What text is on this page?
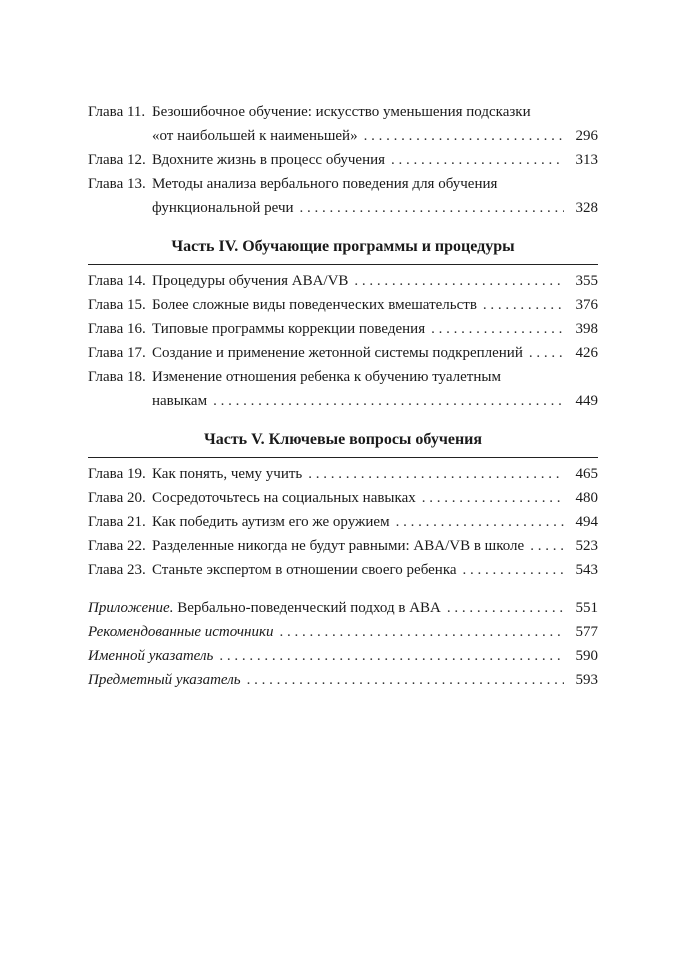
Глава 11. Безошибочное обучение: искусство уменьшения подсказки
«от наибольшей к наименьшей» . . .	296
Глава 12. Вдохните жизнь в процесс обучения . . .	313
Глава 13. Методы анализа вербального поведения для обучения
функциональной речи . . .	328
Часть IV. Обучающие программы и процедуры
Глава 14. Процедуры обучения ABA/VB . . .	355
Глава 15. Более сложные виды поведенческих вмешательств . . .	376
Глава 16. Типовые программы коррекции поведения . . .	398
Глава 17. Создание и применение жетонной системы подкреплений . . .	426
Глава 18. Изменение отношения ребенка к обучению туалетным
навыкам . . .	449
Часть V. Ключевые вопросы обучения
Глава 19. Как понять, чему учить . . .	465
Глава 20. Сосредоточьтесь на социальных навыках . . .	480
Глава 21. Как победить аутизм его же оружием . . .	494
Глава 22. Разделенные никогда не будут равными: ABA/VB в школе . . .	523
Глава 23. Станьте экспертом в отношении своего ребенка . . .	543
Приложение. Вербально-поведенческий подход в ABA . . .	551
Рекомендованные источники . . .	577
Именной указатель . . .	590
Предметный указатель . . .	593
